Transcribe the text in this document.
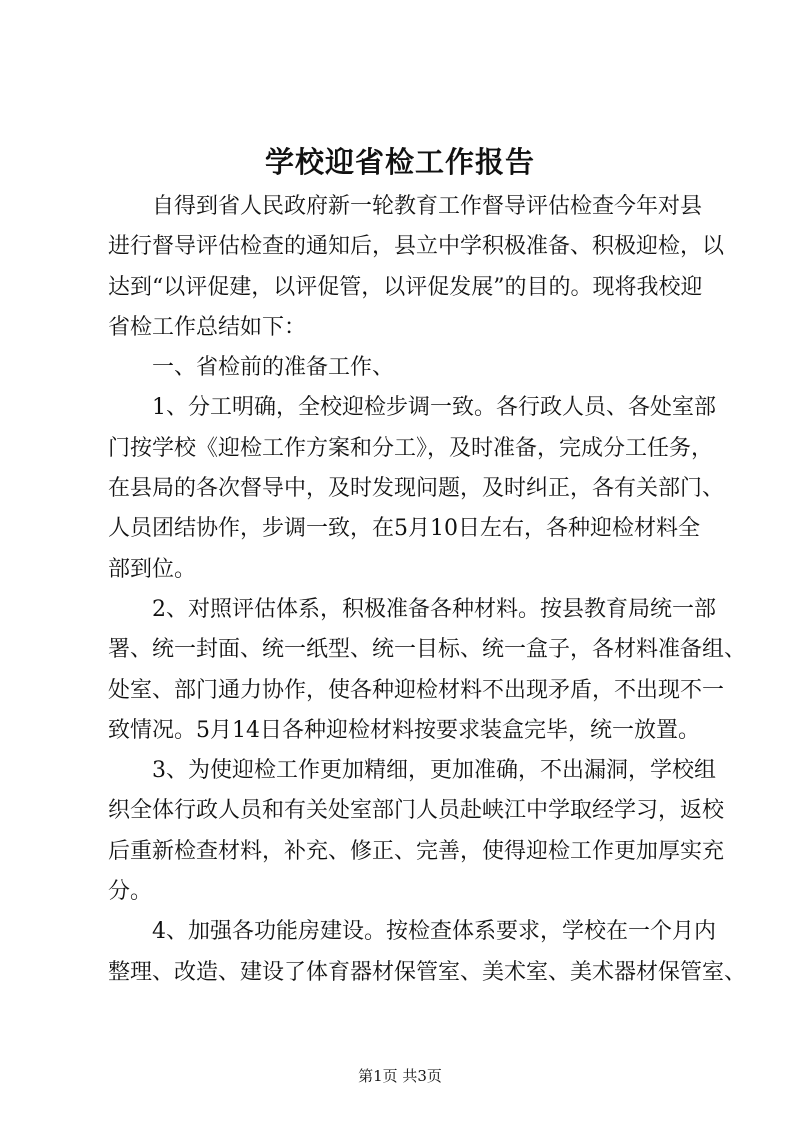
学校迎省检工作报告
自得到省人民政府新一轮教育工作督导评估检查今年对县
进行督导评估检查的通知后，县立中学积极准备、积极迎检，以
达到“以评促建，以评促管，以评促发展”的目的。现将我校迎
省检工作总结如下：
一、省检前的准备工作、
1、分工明确，全校迎检步调一致。各行政人员、各处室部
门按学校《迎检工作方案和分工》，及时准备，完成分工任务，
在县局的各次督导中，及时发现问题，及时纠正，各有关部门、
人员团结协作，步调一致，在5月10日左右，各种迎检材料全
部到位。
2、对照评估体系，积极准备各种材料。按县教育局统一部
署、统一封面、统一纸型、统一目标、统一盒子，各材料准备组、
处室、部门通力协作，使各种迎检材料不出现矛盾，不出现不一
致情况。5月14日各种迎检材料按要求装盒完毕，统一放置。
3、为使迎检工作更加精细，更加准确，不出漏洞，学校组
织全体行政人员和有关处室部门人员赴峡江中学取经学习，返校
后重新检查材料，补充、修正、完善，使得迎检工作更加厚实充
分。
4、加强各功能房建设。按检查体系要求，学校在一个月内
整理、改造、建设了体育器材保管室、美术室、美术器材保管室、
第1页 共3页
